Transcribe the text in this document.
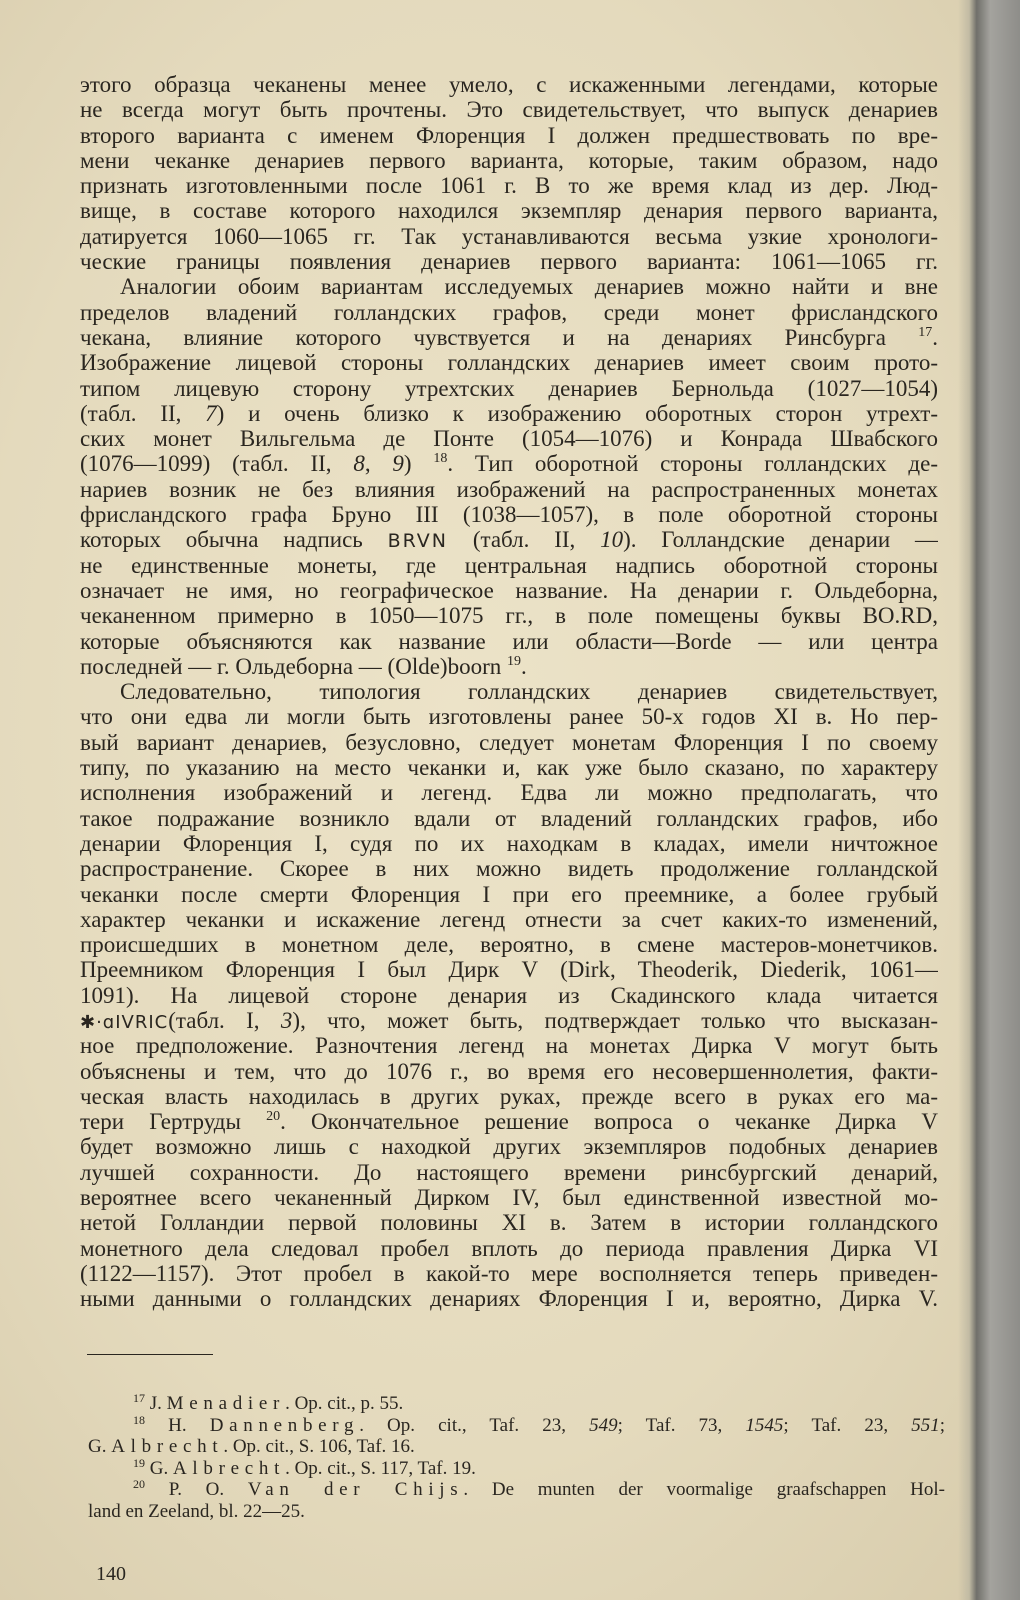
этого образца чеканены менее умело, с искаженными легендами, которые
не всегда могут быть прочтены. Это свидетельствует, что выпуск денариев
второго варианта с именем Флоренция I должен предшествовать по вре-
мени чеканке денариев первого варианта, которые, таким образом, надо
признать изготовленными после 1061 г. В то же время клад из дер. Люд-
вище, в составе которого находился экземпляр денария первого варианта,
датируется 1060—1065 гг. Так устанавливаются весьма узкие хронологи-
ческие границы появления денариев первого варианта: 1061—1065 гг.
Аналогии обоим вариантам исследуемых денариев можно найти и вне
пределов владений голландских графов, среди монет фрисландского
чекана, влияние которого чувствуется и на денариях Ринсбурга $^{17}$.
Изображение лицевой стороны голландских денариев имеет своим прото-
типом лицевую сторону утрехтских денариев Бернольда (1027—1054)
(табл. II, 7) и очень близко к изображению оборотных сторон утрехт-
ских монет Вильгельма де Понте (1054—1076) и Конрада Швабского
(1076—1099) (табл. II, 8, 9) $^{18}$. Тип оборотной стороны голландских де-
нариев возник не без влияния изображений на распространенных монетах
фрисландского графа Бруно III (1038—1057), в поле оборотной стороны
которых обычна надпись BRVN (табл. II, 10). Голландские денарии —
не единственные монеты, где центральная надпись оборотной стороны
означает не имя, но географическое название. На денарии г. Ольдеборна,
чеканенном примерно в 1050—1075 гг., в поле помещены буквы BO.RD,
которые объясняются как название или области—Borde — или центра
последней — г. Ольдеборна — (Olde)boorn $^{19}$.
Следовательно, типология голландских денариев свидетельствует,
что они едва ли могли быть изготовлены ранее 50-х годов XI в. Но пер-
вый вариант денариев, безусловно, следует монетам Флоренция I по своему
типу, по указанию на место чеканки и, как уже было сказано, по характеру
исполнения изображений и легенд. Едва ли можно предполагать, что
такое подражание возникло вдали от владений голландских графов, ибо
денарии Флоренция I, судя по их находкам в кладах, имели ничтожное
распространение. Скорее в них можно видеть продолжение голландской
чеканки после смерти Флоренция I при его преемнике, а более грубый
характер чеканки и искажение легенд отнести за счет каких-то изменений,
происшедших в монетном деле, вероятно, в смене мастеров-монетчиков.
Преемником Флоренция I был Дирк V (Dirk, Theoderik, Diederik, 1061—
1091). На лицевой стороне денария из Скадинского клада читается
✱·ɑIVRIC(табл. I, 3), что, может быть, подтверждает только что высказан-
ное предположение. Разночтения легенд на монетах Дирка V могут быть
объяснены и тем, что до 1076 г., во время его несовершеннолетия, факти-
ческая власть находилась в других руках, прежде всего в руках его ма-
тери Гертруды $^{20}$. Окончательное решение вопроса о чеканке Дирка V
будет возможно лишь с находкой других экземпляров подобных денариев
лучшей сохранности. До настоящего времени ринсбургский денарий,
вероятнее всего чеканенный Дирком IV, был единственной известной мо-
нетой Голландии первой половины XI в. Затем в истории голландского
монетного дела следовал пробел вплоть до периода правления Дирка VI
(1122—1157). Этот пробел в какой-то мере восполняется теперь приведен-
ными данными о голландских денариях Флоренция I и, вероятно, Дирка V.
$^{17}$ J. Menadier. Op. cit., p. 55.
$^{18}$ H. Dannenberg. Op. cit., Taf. 23, 549; Taf. 73, 1545; Taf. 23, 551;
G. Albrecht. Op. cit., S. 106, Taf. 16.
$^{19}$ G. Albrecht. Op. cit., S. 117, Taf. 19.
$^{20}$ P. O. Van der Chijs. De munten der voormalige graafschappen Hol-
land en Zeeland, bl. 22—25.
140
